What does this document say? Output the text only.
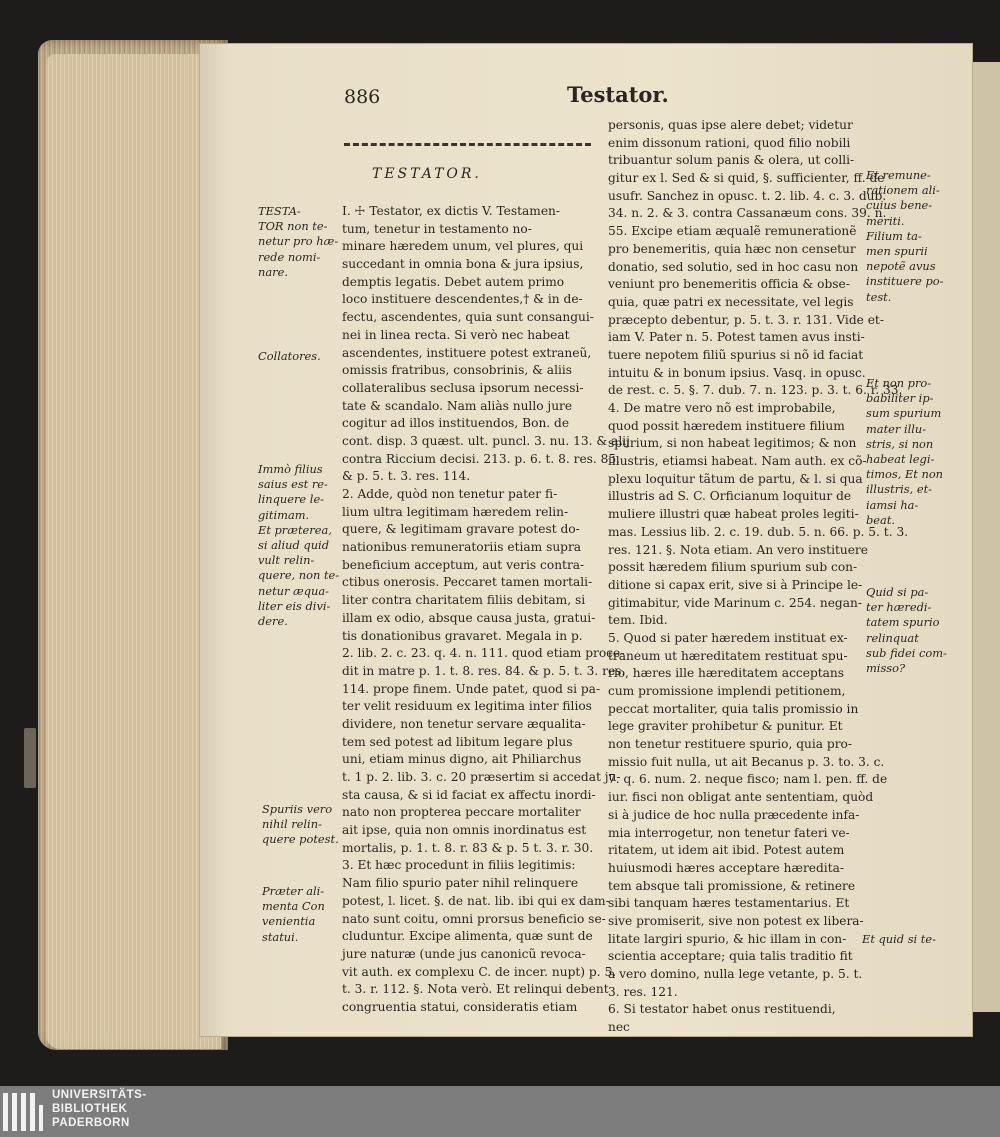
886	Testator.
TESTATOR.
I. ☩ Testator, ex dictis V. Testamen-
tum, tenetur in testamento no-
minare hæredem unum, vel plures, qui
succedant in omnia bona & jura ipsius,
demptis legatis. Debet autem primo
loco instituere descendentes,† & in de-
fectu, ascendentes, quia sunt consangui-
nei in linea recta. Si verò nec habeat
ascendentes, instituere potest extraneũ,
omissis fratribus, consobrinis, & aliis
collateralibus seclusa ipsorum necessi-
tate & scandalo. Nam aliàs nullo jure
cogitur ad illos instituendos, Bon. de
cont. disp. 3 quæst. ult. puncl. 3. nu. 13. & alij
contra Riccium decisi. 213. p. 6. t. 8. res. 85.
& p. 5. t. 3. res. 114.
2. Adde, quòd non tenetur pater fi-
lium ultra legitimam hæredem relin-
quere, & legitimam gravare potest do-
nationibus remuneratoriis etiam supra
beneficium acceptum, aut veris contra-
ctibus onerosis. Peccaret tamen mortali-
liter contra charitatem filiis debitam, si
illam ex odio, absque causa justa, gratui-
tis donationibus gravaret. Megala in p.
2. lib. 2. c. 23. q. 4. n. 111. quod etiam proce-
dit in matre p. 1. t. 8. res. 84. & p. 5. t. 3. res.
114. prope finem. Unde patet, quod si pa-
ter velit residuum ex legitima inter filios
dividere, non tenetur servare æqualita-
tem sed potest ad libitum legare plus
uni, etiam minus digno, ait Philiarchus
t. 1 p. 2. lib. 3. c. 20 præsertim si accedat ju-
sta causa, & si id faciat ex affectu inordi-
nato non propterea peccare mortaliter
ait ipse, quia non omnis inordinatus est
mortalis, p. 1. t. 8. r. 83 & p. 5 t. 3. r. 30.
3. Et hæc procedunt in filiis legitimis:
Nam filio spurio pater nihil relinquere
potest, l. licet. §. de nat. lib. ibi qui ex dam-
nato sunt coitu, omni prorsus beneficio se-
cluduntur. Excipe alimenta, quæ sunt de
jure naturæ (unde jus canonicũ revoca-
vit auth. ex complexu C. de incer. nupt) p. 5.
t. 3. r. 112. §. Nota verò. Et relinqui debent
congruentia statui, consideratis etiam
personis, quas ipse alere debet; videtur
enim dissonum rationi, quod filio nobili
tribuantur solum panis & olera, ut colli-
gitur ex l. Sed & si quid, §. sufficienter, ff. de
usufr. Sanchez in opusc. t. 2. lib. 4. c. 3. dub.
34. n. 2. & 3. contra Cassanæum cons. 39. n.
55. Excipe etiam æqualẽ remunerationẽ
pro benemeritis, quia hæc non censetur
donatio, sed solutio, sed in hoc casu non
veniunt pro benemeritis officia & obse-
quia, quæ patri ex necessitate, vel legis
præcepto debentur, p. 5. t. 3. r. 131. Vide et-
iam V. Pater n. 5. Potest tamen avus insti-
tuere nepotem filiũ spurius si nõ id faciat
intuitu & in bonum ipsius. Vasq. in opusc.
de rest. c. 5. §. 7. dub. 7. n. 123. p. 3. t. 6. r. 33.
4. De matre vero nõ est improbabile,
quod possit hæredem instituere filium
spurium, si non habeat legitimos; & non
illustris, etiamsi habeat. Nam auth. ex cõ-
plexu loquitur tãtum de partu, & l. si qua
illustris ad S. C. Orficianum loquitur de
muliere illustri quæ habeat proles legiti-
mas. Lessius lib. 2. c. 19. dub. 5. n. 66. p. 5. t. 3.
res. 121. §. Nota etiam. An vero instituere
possit hæredem filium spurium sub con-
ditione si capax erit, sive si à Principe le-
gitimabitur, vide Marinum c. 254. negan-
tem. Ibid.
5. Quod si pater hæredem instituat ex-
traneum ut hæreditatem restituat spu-
rio, hæres ille hæreditatem acceptans
cum promissione implendi petitionem,
peccat mortaliter, quia talis promissio in
lege graviter prohibetur & punitur. Et
non tenetur restituere spurio, quia pro-
missio fuit nulla, ut ait Becanus p. 3. to. 3. c.
7. q. 6. num. 2. neque fisco; nam l. pen. ff. de
iur. fisci non obligat ante sententiam, quòd
si à judice de hoc nulla præcedente infa-
mia interrogetur, non tenetur fateri ve-
ritatem, ut idem ait ibid. Potest autem
huiusmodi hæres acceptare hæredita-
tem absque tali promissione, & retinere
sibi tanquam hæres testamentarius. Et
sive promiserit, sive non potest ex libera-
litate largiri spurio, & hic illam in con-
scientia acceptare; quia talis traditio fit
à vero domino, nulla lege vetante, p. 5. t.
3. res. 121.
6. Si testator habet onus restituendi,
nec
TESTA-
TOR non te-
netur pro hæ-
rede nomi-
nare.
Collatores.
Immò filius
saius est re-
linquere le-
gitimam.
Et præterea,
si aliud quid
vult relin-
quere, non te-
netur æqua-
liter eis divi-
dere.
Spuriis vero
nihil relin-
quere potest.
Præter ali-
menta Con
venientia
statui.
Et remune-
rationem ali-
cuius bene-
meriti.
Filium ta-
men spurii
nepotẽ avus
instituere po-
test.
Et non pro-
babiliter ip-
sum spurium
mater illu-
stris, si non
habeat legi-
timos, Et non
illustris, et-
iamsi ha-
beat.
Quid si pa-
ter hæredi-
tatem spurio
relinquat
sub fidei com-
misso?
Et quid si te-
UNIVERSITÄTS-
BIBLIOTHEK
PADERBORN
